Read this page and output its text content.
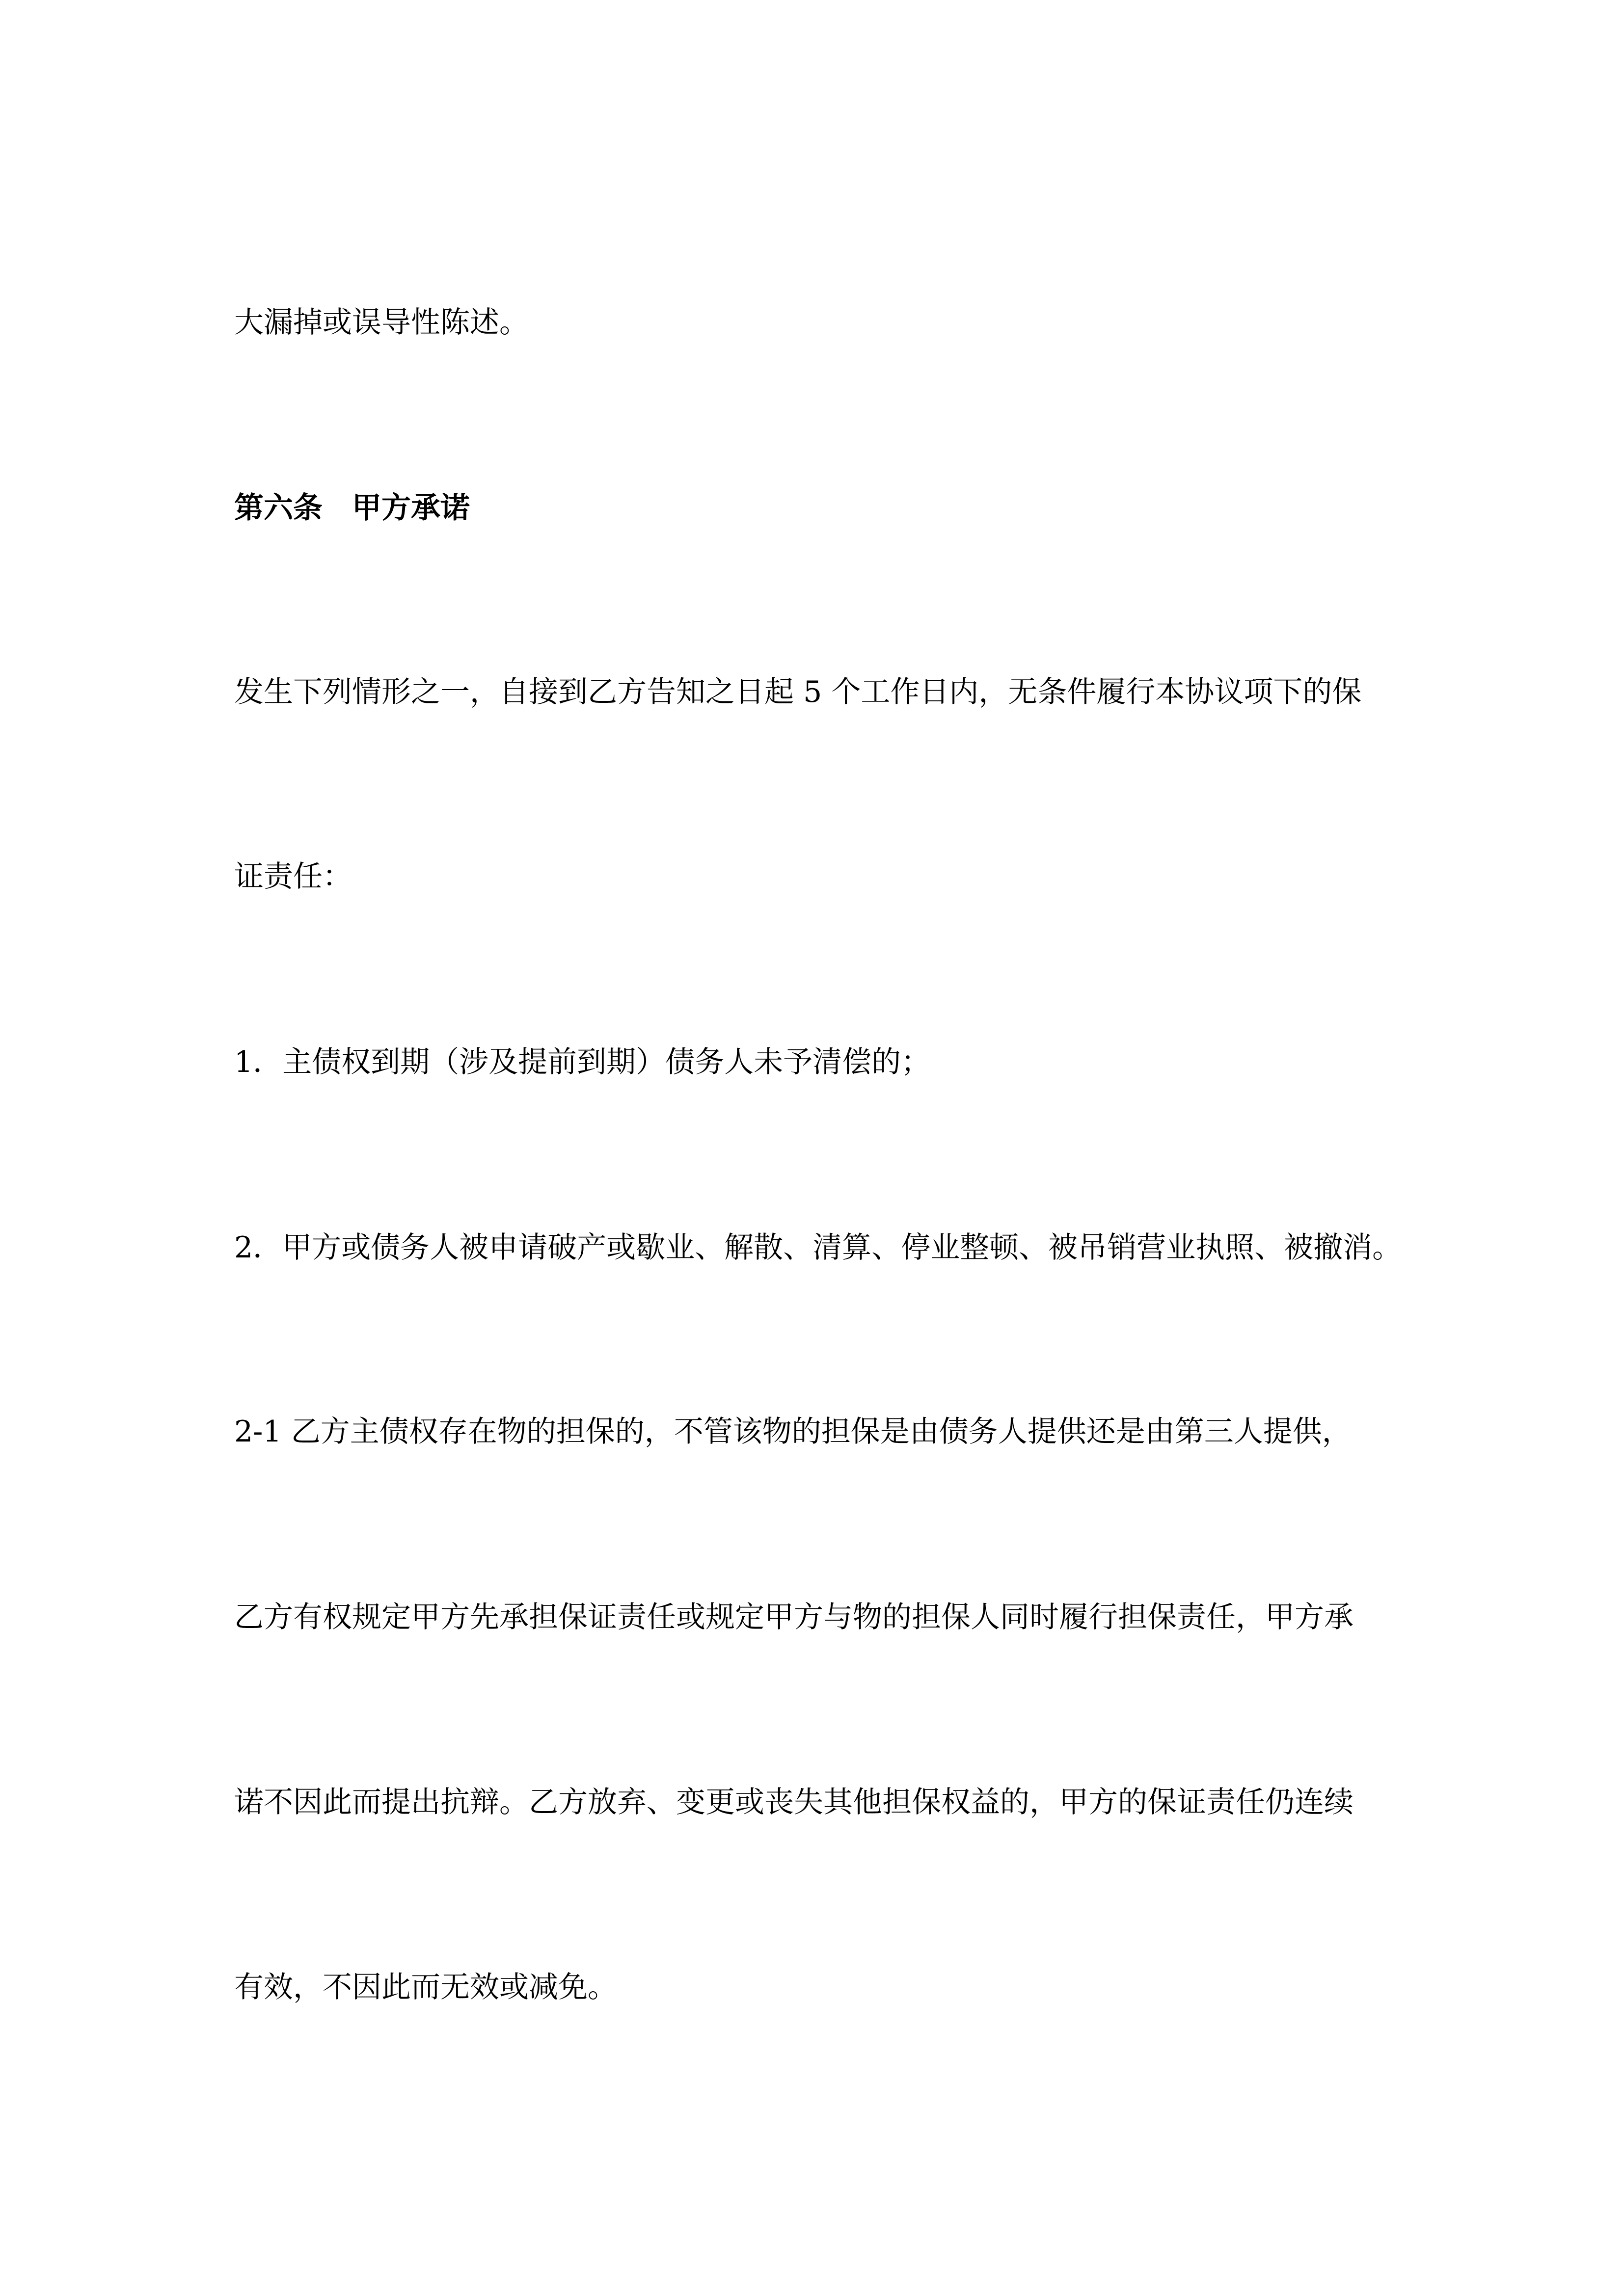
大漏掉或误导性陈述。

第六条　甲方承诺

发生下列情形之一，自接到乙方告知之日起 5 个工作日内，无条件履行本协议项下的保

证责任：

1．主债权到期（涉及提前到期）债务人未予清偿的；

2．甲方或债务人被申请破产或歇业、解散、清算、停业整顿、被吊销营业执照、被撤消。

2-1 乙方主债权存在物的担保的，不管该物的担保是由债务人提供还是由第三人提供，

乙方有权规定甲方先承担保证责任或规定甲方与物的担保人同时履行担保责任，甲方承

诺不因此而提出抗辩。乙方放弃、变更或丧失其他担保权益的，甲方的保证责任仍连续

有效，不因此而无效或减免。
